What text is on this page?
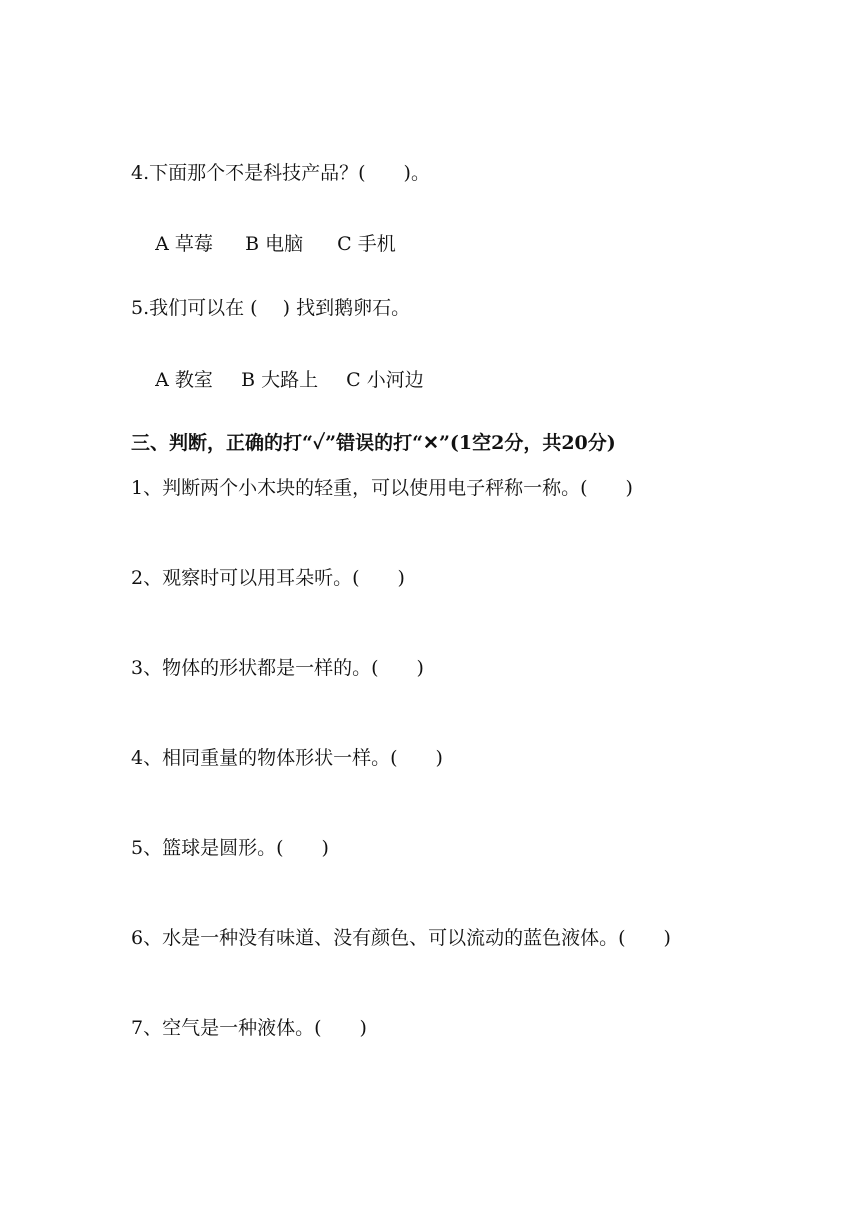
4.下面那个不是科技产品？(　　)。

A 草莓 B 电脑 C 手机

5.我们可以在 (　 ) 找到鹅卵石。

A 教室 B 大路上 C 小河边

三、判断，正确的打“✓”错误的打“✕”(1空2分，共20分)
1、判断两个小木块的轻重，可以使用电子秤称一称。(　　)
2、观察时可以用耳朵听。(　　)
3、物体的形状都是一样的。(　　)
4、相同重量的物体形状一样。(　　)
5、篮球是圆形。(　　)
6、水是一种没有味道、没有颜色、可以流动的蓝色液体。(　　)
7、空气是一种液体。(　　)
